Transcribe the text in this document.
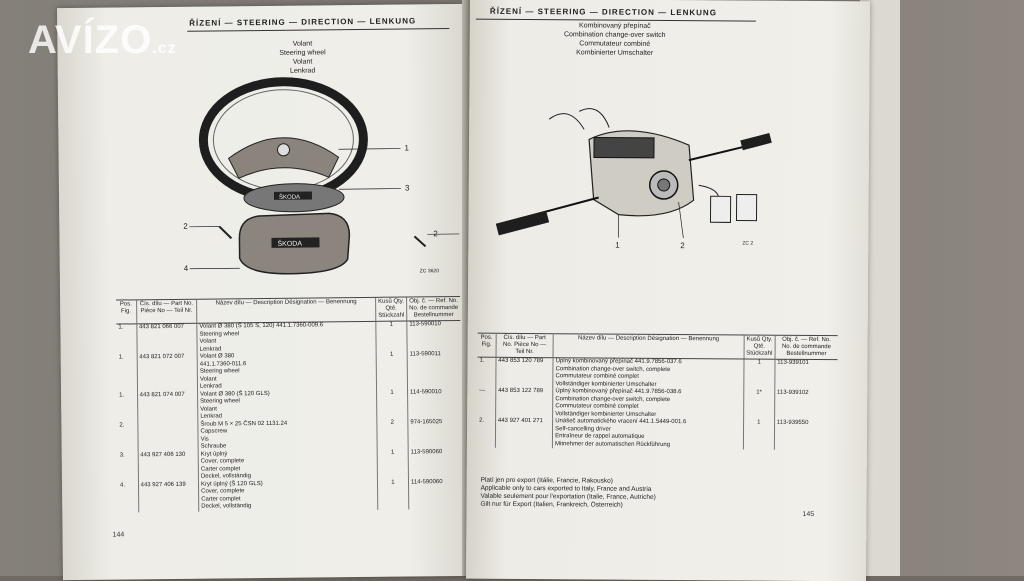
ŘÍZENÍ — STEERING — DIRECTION — LENKUNG
Volant
Steering wheel
Volant
Lenkrad
ŠKODA
ŠKODA
1
3
2
2
4	ZC 3620
Pos. Fig.	Čís. dílu — Part No. Pièce No — Teil Nr.	Název dílu — Description Désignation — Benennung	Kusů Qty. Qté. Stückzahl	Obj. č. — Ref. No. No. de commande Bestellnummer
1.	443 821 066 007	Volant Ø 380 (Š 105 S, 120) 441.1.7360-009.6
Steering wheel
Volant
Lenkrad	1	113-590010
1.	443 821 072 007	Volant Ø 380
441.1.7360-011.6
Steering wheel
Volant
Lenkrad	1	113-590011
1.	443 821 074 007	Volant Ø 380 (Š 120 GLS)
Steering wheel
Volant
Lenkrad	1	114-590010
2.		Šroub M 5 × 25 ČSN 02 1131.24
Capscrew
Vis
Schraube	2	974-165025
3.	443 927 406 130	Kryt úplný
Cover, complete
Carter complet
Deckel, vollständig	1	113-590060
4.	443 927 406 139	Kryt úplný (Š 120 GLS)
Cover, complete
Carter complet
Deckel, vollständig	1	114-590060
144
ŘÍZENÍ — STEERING — DIRECTION — LENKUNG
Kombinovaný přepínač
Combination change-over switch
Commutateur combiné
Kombinierter Umschalter
1	2	ZC 2
Pos. Fig.	Čís. dílu — Part No. Pièce No — Teil Nr.	Název dílu — Description Désignation — Benennung	Kusů Qty. Qté. Stückzahl	Obj. č. — Ref. No. No. de commande Bestellnummer
1.	443 853 120 789	Úplný kombinovaný přepínač 441.9.7856-037.6
Combination change-over switch, complete
Commutateur combiné complet
Vollständiger kombinierter Umschalter	1	113-939101
—	443 853 122 789	Úplný kombinovaný přepínač 441.9.7856-038.6
Combination change-over switch, complete
Commutateur combiné complet
Vollständiger kombinierter Umschalter	1*	113-939102
2.	443 927 401 271	Unášeč automatického vracení 441.1.5449-001.6
Self-cancelling driver
Entraîneur de rappel automatique
Mitnehmer der automatischen Rückführung	1	113-939550
Platí jen pro export (Itálie, Francie, Rakousko)
Applicable only to cars exported to Italy, France and Austria
Valable seulement pour l'exportation (Italie, France, Autriche)
Gilt nur für Export (Italien, Frankreich, Österreich)
145
AVÍZO.cz
